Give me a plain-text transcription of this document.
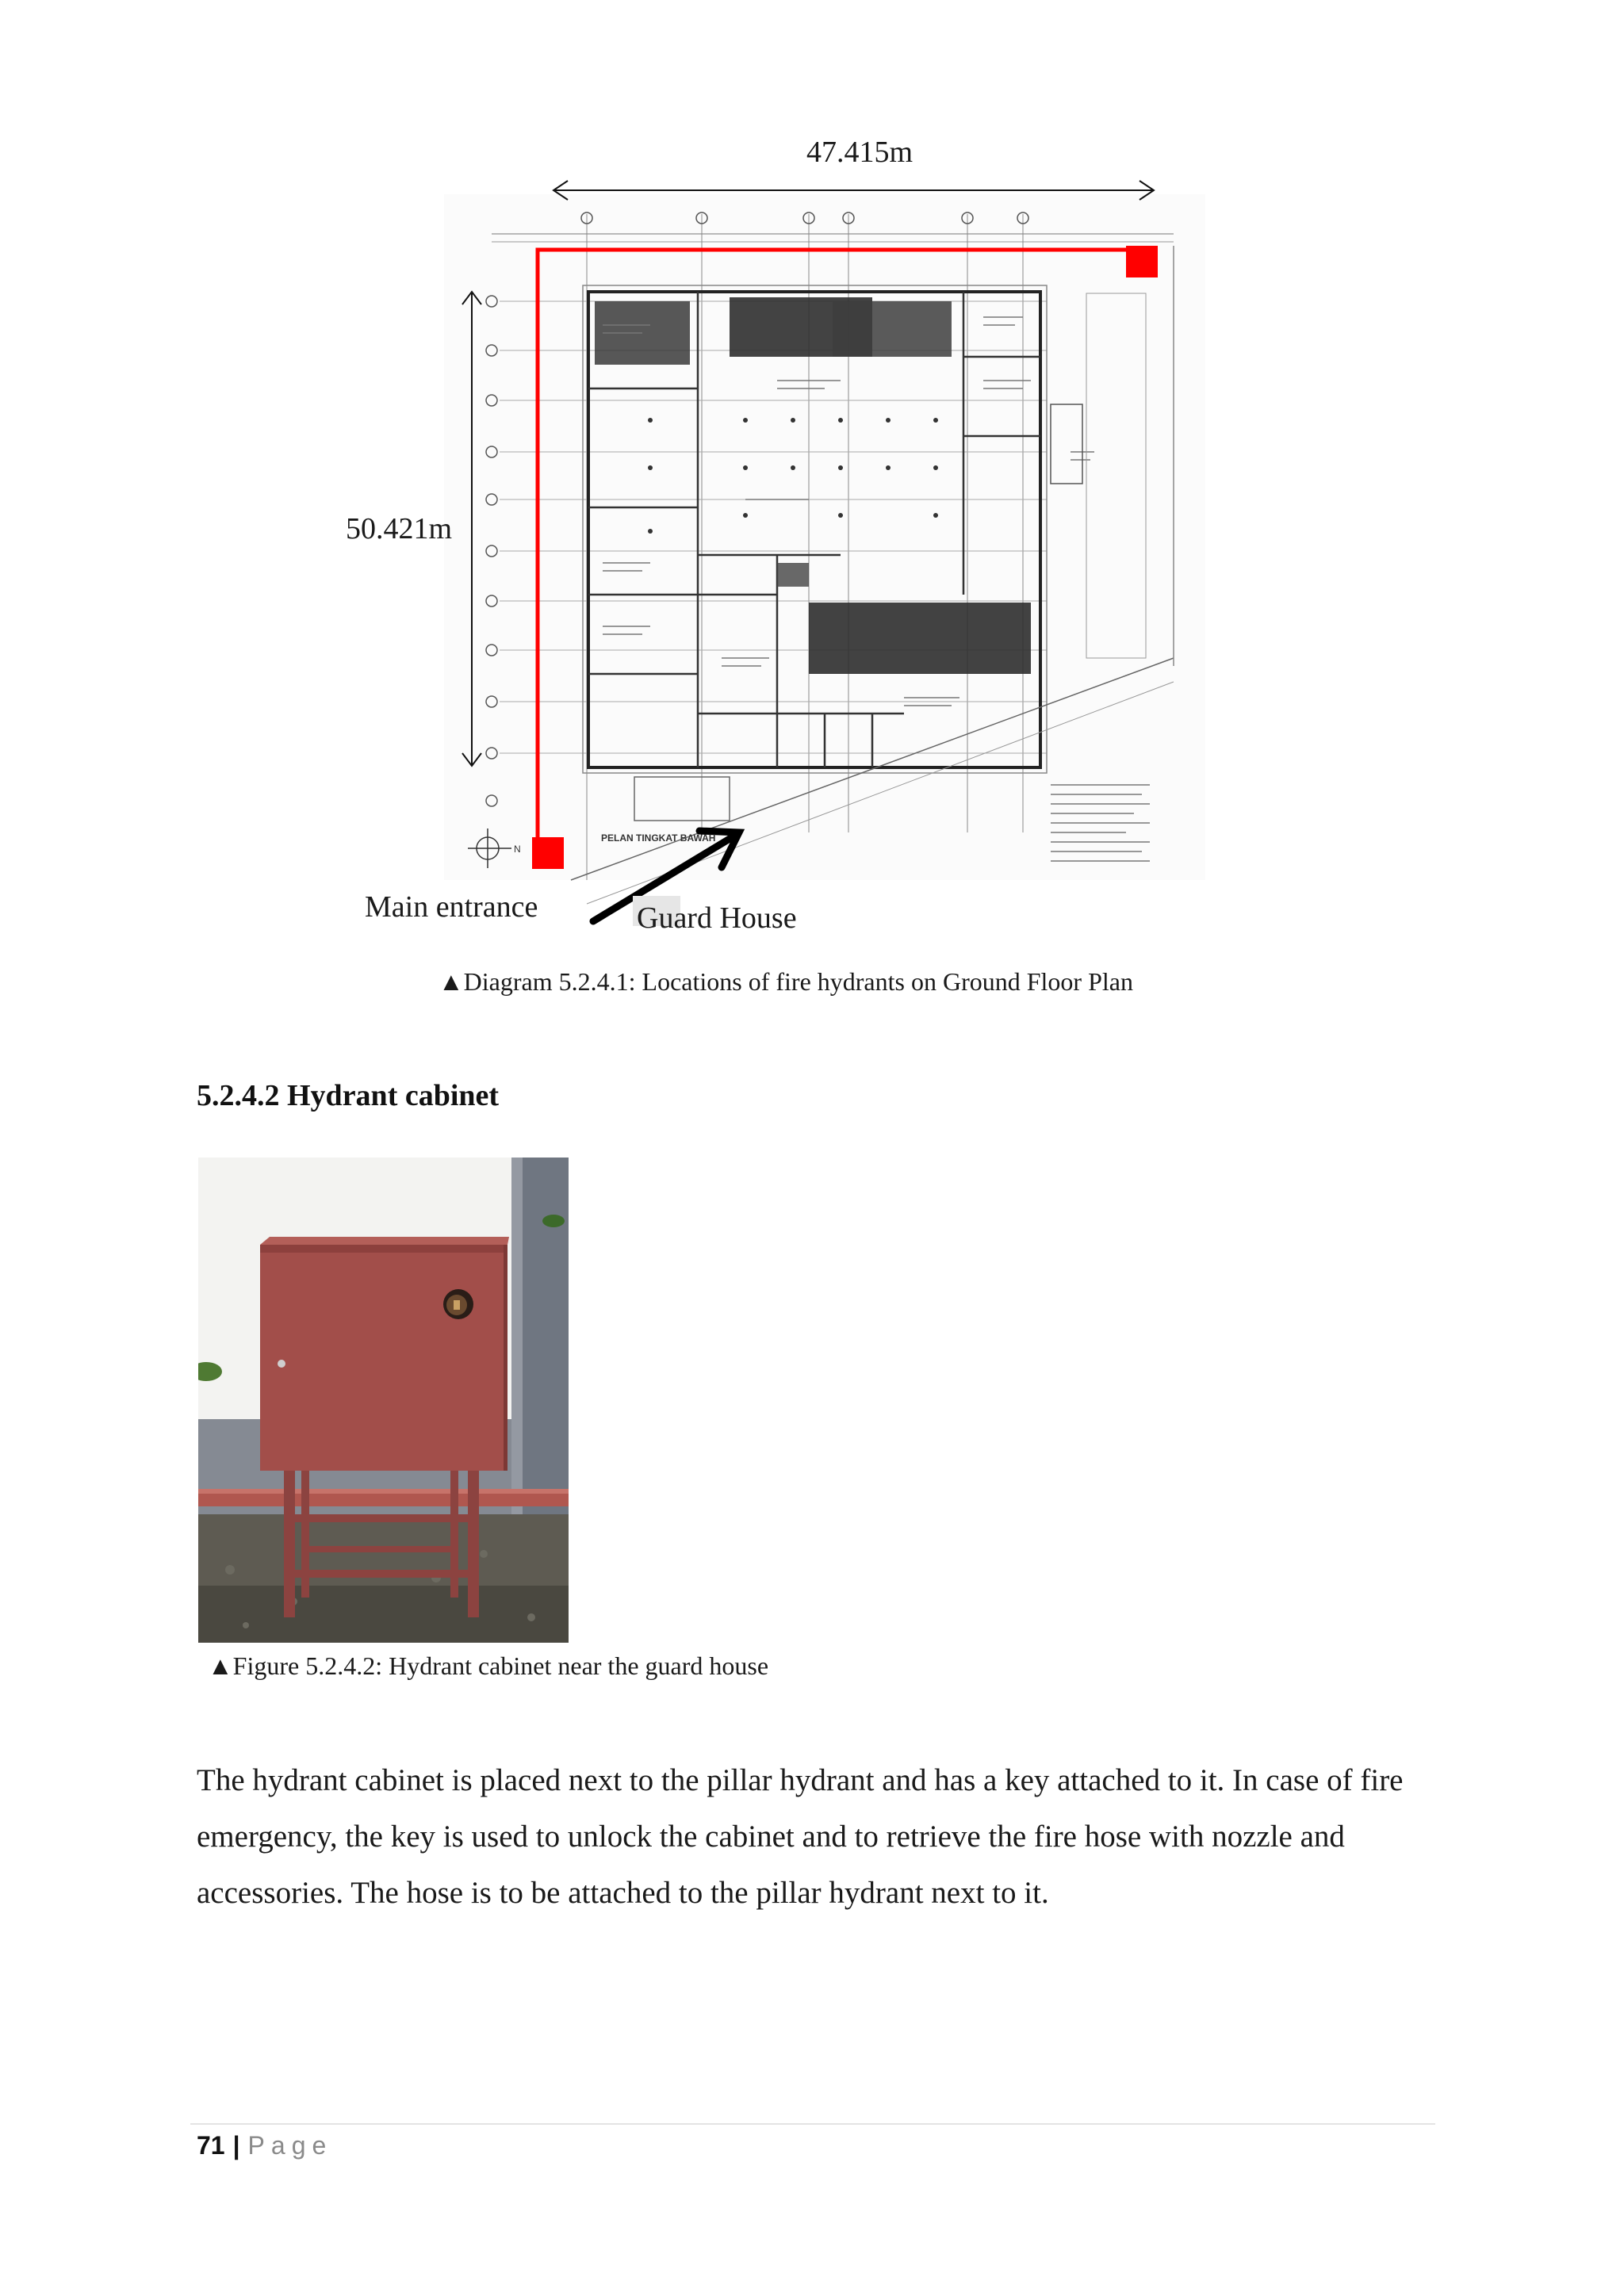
N
PELAN TINGKAT BAWAH
47.415m
50.421m
Main entrance	Guard House
▲Diagram 5.2.4.1: Locations of fire hydrants on Ground Floor Plan
5.2.4.2 Hydrant cabinet
▲Figure 5.2.4.2: Hydrant cabinet near the guard house
The hydrant cabinet is placed next to the pillar hydrant and has a key attached to it. In case of fire emergency, the key is used to unlock the cabinet and to retrieve the fire hose with nozzle and accessories. The hose is to be attached to the pillar hydrant next to it.
71 | Page
